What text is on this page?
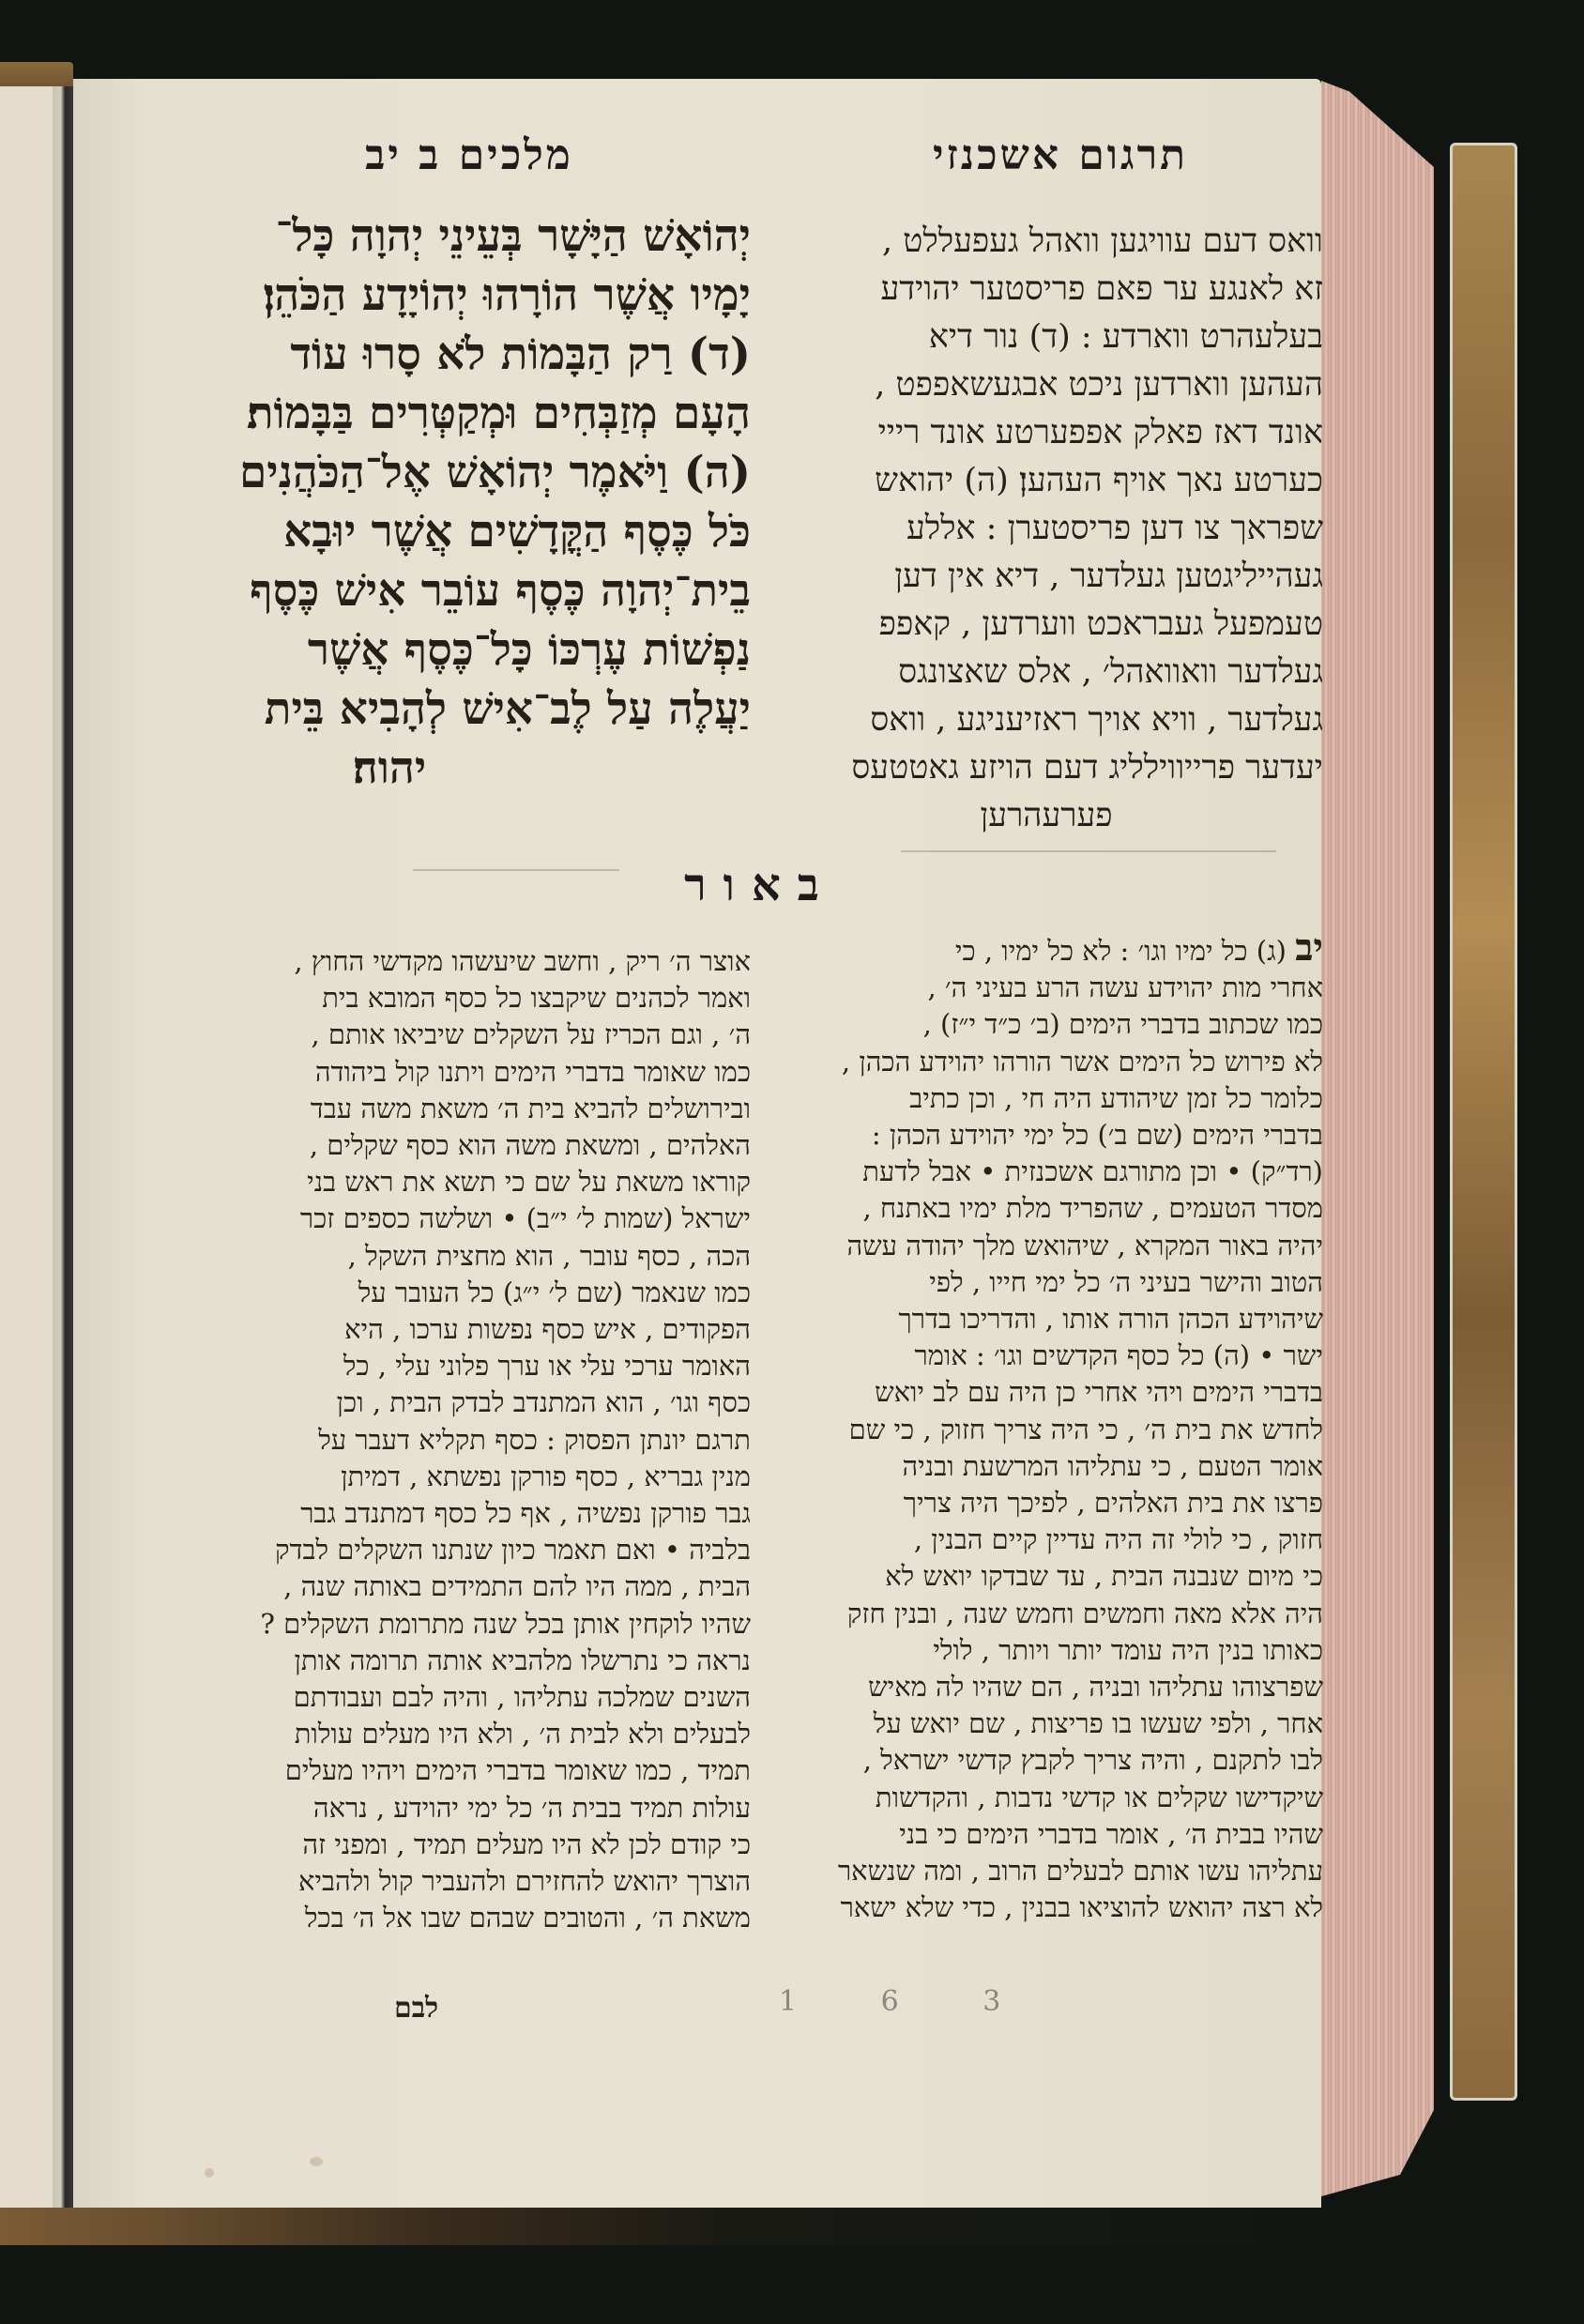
מלכים ב יב	תרגום אשכנזי
יְהוֹאָשׁ הַיָּשָׁר בְּעֵינֵי יְהוָה כָּל־
יָמָיו אֲשֶׁר הוֹרָהוּ יְהוֹיָדָע הַכֹּהֵן׃
(ד) רַק הַבָּמוֹת לֹא סָרוּ עוֹד
הָעָם מְזַבְּחִים וּמְקַטְּרִים בַּבָּמוֹת׃
(ה) וַיֹּאמֶר יְהוֹאָשׁ אֶל־הַכֹּהֲנִים
כֹּל כֶּסֶף הַקֳּדָשִׁים אֲשֶׁר יוּבָא
בֵית־יְהוָה כֶּסֶף עוֹבֵר אִישׁ כֶּסֶף
נַפְשׁוֹת עֶרְכּוֹ כָּל־כֶּסֶף אֲשֶׁר
יַעֲלֶה עַל לֶב־אִישׁ לְהָבִיא בֵּית
יהוה׃
וואס דעם עוויגען וואהל געפעללט ,
זא לאנגע ער פאם פריסטער יהוידע
בעלעהרט ווארדע : (ד) נור דיא
העהען ווארדען ניכט אבגעשאפפט ,
אונד דאז פאלק אפפערטע אונד רייי
כערטע נאך אויף העהען׃ (ה) יהואש
שפראך צו דען פריסטערן : אללע
געהייליגטען געלדער , דיא אין דען
טעמפעל געבראכט ווערדען , קאפפ
געלדער וואוואהל׳ , אלס שאצונגס
געלדער , וויא אויך ראזיעניגע , וואס
יעדער פרייווילליג דעם הויזע גאטטעס
פערעהרען
באור
יב (ג) כל ימיו וגו׳ : לא כל ימיו , כי
אחרי מות יהוידע עשה הרע בעיני ה׳ ,
כמו שכתוב בדברי הימים (ב׳ כ״ד י״ז) ,
לא פירוש כל הימים אשר הורהו יהוידע הכהן ,
כלומר כל זמן שיהודע היה חי , וכן כתיב
בדברי הימים (שם ב׳) כל ימי יהוידע הכהן :
(רד״ק) • וכן מתורגם אשכנזית • אבל לדעת
מסדר הטעמים , שהפריד מלת ימיו באתנח ,
יהיה באור המקרא , שיהואש מלך יהודה עשה
הטוב והישר בעיני ה׳ כל ימי חייו , לפי
שיהוידע הכהן הורה אותו , והדריכו בדרך
ישר • (ה) כל כסף הקדשים וגו׳ : אומר
בדברי הימים ויהי אחרי כן היה עם לב יואש
לחדש את בית ה׳ , כי היה צריך חזוק , כי שם
אומר הטעם , כי עתליהו המרשעת ובניה
פרצו את בית האלהים , לפיכך היה צריך
חזוק , כי לולי זה היה עדיין קיים הבנין ,
כי מיום שנבנה הבית , עד שבדקו יואש לא
היה אלא מאה וחמשים וחמש שנה , ובנין חזק
כאותו בנין היה עומד יותר ויותר , לולי
שפרצוהו עתליהו ובניה , הם שהיו לה מאיש
אחר , ולפי שעשו בו פריצות , שם יואש על
לבו לתקנם , והיה צריך לקבץ קדשי ישראל ,
שיקדישו שקלים או קדשי נדבות , והקדשות
שהיו בבית ה׳ , אומר בדברי הימים כי בני
עתליהו עשו אותם לבעלים הרוב , ומה שנשאר
לא רצה יהואש להוציאו בבנין , כדי שלא ישאר
אוצר ה׳ ריק , וחשב שיעשהו מקדשי החוץ ,
ואמר לכהנים שיקבצו כל כסף המובא בית
ה׳ , וגם הכריז על השקלים שיביאו אותם ,
כמו שאומר בדברי הימים ויתנו קול ביהודה
ובירושלים להביא בית ה׳ משאת משה עבד
האלהים , ומשאת משה הוא כסף שקלים ,
קוראו משאת על שם כי תשא את ראש בני
ישראל (שמות ל׳ י״ב) • ושלשה כספים זכר
הכה , כסף עובר , הוא מחצית השקל ,
כמו שנאמר (שם ל׳ י״ג) כל העובר על
הפקודים , איש כסף נפשות ערכו , היא
האומר ערכי עלי או ערך פלוני עלי , כל
כסף וגו׳ , הוא המתנדב לבדק הבית , וכן
תרגם יונתן הפסוק : כסף תקליא דעבר על
מנין גבריא , כסף פורקן נפשתא , דמיתן
גבר פורקן נפשיה , אף כל כסף דמתנדב גבר
בלביה • ואם תאמר כיון שנתנו השקלים לבדק
הבית , ממה היו להם התמידים באותה שנה ,
שהיו לוקחין אותן בכל שנה מתרומת השקלים ?
נראה כי נתרשלו מלהביא אותה תרומה אותן
השנים שמלכה עתליהו , והיה לבם ועבודתם
לבעלים ולא לבית ה׳ , ולא היו מעלים עולות
תמיד , כמו שאומר בדברי הימים ויהיו מעלים
עולות תמיד בבית ה׳ כל ימי יהוידע , נראה
כי קודם לכן לא היו מעלים תמיד , ומפני זה
הוצרך יהואש להחזירם ולהעביר קול ולהביא
משאת ה׳ , והטובים שבהם שבו אל ה׳ בכל
לבם	1 6 3
